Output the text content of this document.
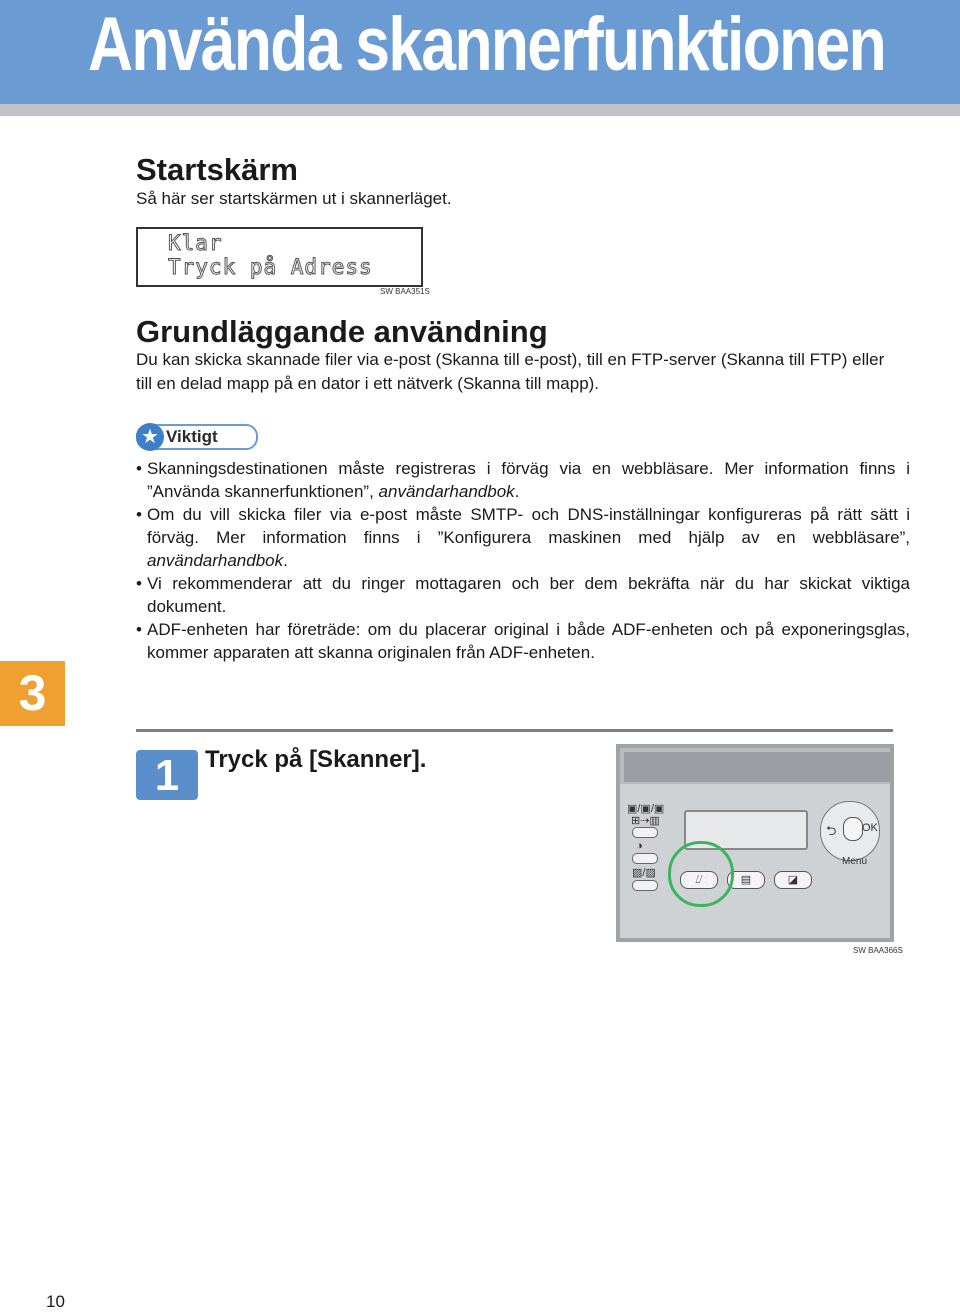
Använda skannerfunktionen
Startskärm

Så här ser startskärmen ut i skannerläget.

Klar
Tryck på Adress
SW BAA351S
Grundläggande användning

Du kan skicka skannade filer via e-post (Skanna till e-post), till en FTP-server (Skanna till FTP) eller till en delad mapp på en dator i ett nätverk (Skanna till mapp).

★ Viktigt
• Skanningsdestinationen måste registreras i förväg via en webbläsare. Mer information finns i ”Använda skannerfunktionen”, användarhandbok.
• Om du vill skicka filer via e-post måste SMTP- och DNS-inställningar konfigureras på rätt sätt i förväg. Mer information finns i ”Konfigurera maskinen med hjälp av en webbläsare”, användarhandbok.
• Vi rekommenderar att du ringer mottagaren och ber dem bekräfta när du har skickat viktiga dokument.
• ADF-enheten har företräde: om du placerar original i både ADF-enheten och på exponeringsglas, kommer apparaten att skanna originalen från ADF-enheten.
3
1	Tryck på [Skanner].
▣/▣/▣
⊞⇢▥
◑
▨/▨
⌰	▤	◪
⮌ OK
Menu
SW BAA366S
10
